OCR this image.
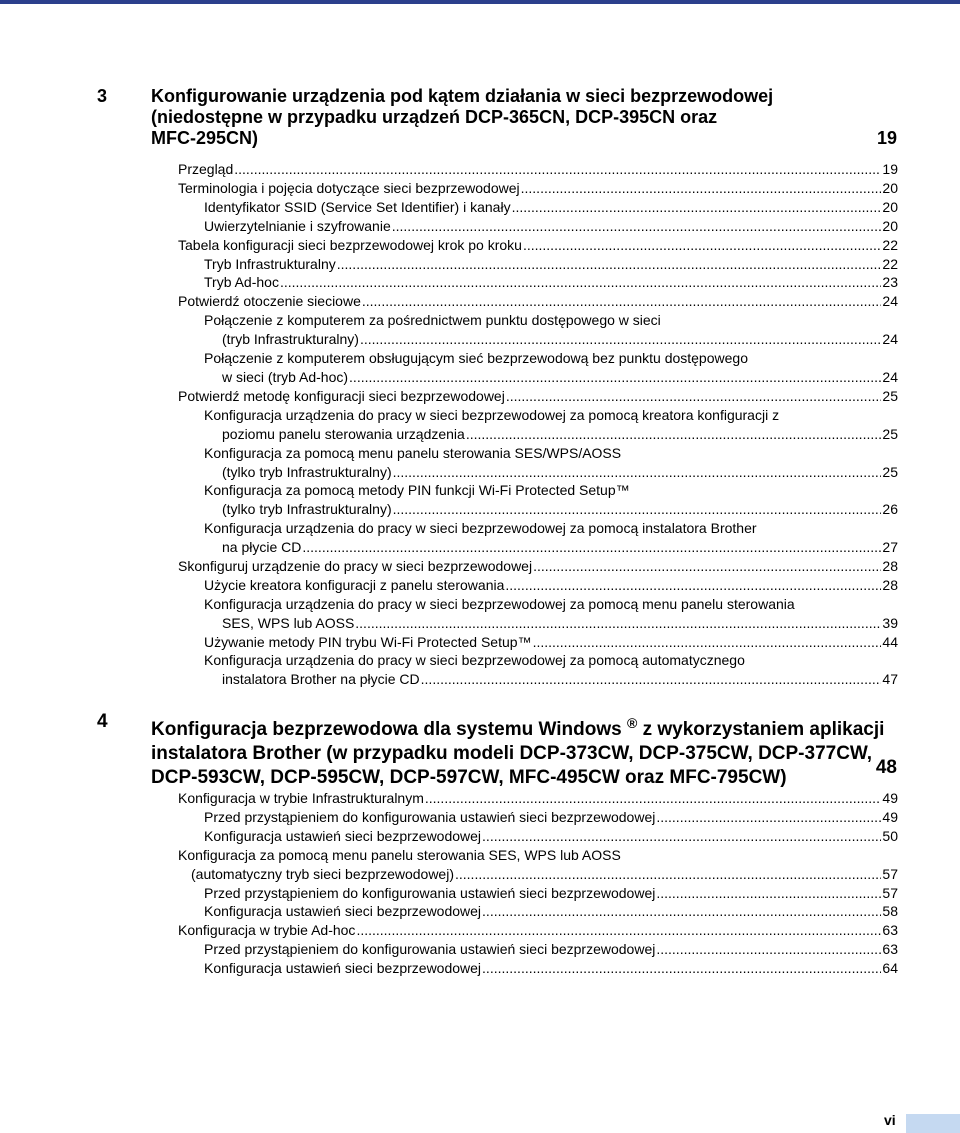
3 Konfigurowanie urządzenia pod kątem działania w sieci bezprzewodowej
(niedostępne w przypadku urządzeń DCP-365CN, DCP-395CN oraz
MFC-295CN)	19
Przegląd	19
.....
Terminologia i pojęcia dotyczące sieci bezprzewodowej	20
.....
Identyfikator SSID (Service Set Identifier) i kanały	20
.....
Uwierzytelnianie i szyfrowanie	20
.....
Tabela konfiguracji sieci bezprzewodowej krok po kroku	22
.....
Tryb Infrastrukturalny	22
.....
Tryb Ad-hoc	23
.....
Potwierdź otoczenie sieciowe	24
.....
Połączenie z komputerem za pośrednictwem punktu dostępowego w sieci
(tryb Infrastrukturalny)	24
.....
Połączenie z komputerem obsługującym sieć bezprzewodową bez punktu dostępowego
w sieci (tryb Ad-hoc)	24
.....
Potwierdź metodę konfiguracji sieci bezprzewodowej	25
.....
Konfiguracja urządzenia do pracy w sieci bezprzewodowej za pomocą kreatora konfiguracji z
poziomu panelu sterowania urządzenia	25
.....
Konfiguracja za pomocą menu panelu sterowania SES/WPS/AOSS
(tylko tryb Infrastrukturalny)	25
.....
Konfiguracja za pomocą metody PIN funkcji Wi-Fi Protected Setup™
(tylko tryb Infrastrukturalny)	26
.....
Konfiguracja urządzenia do pracy w sieci bezprzewodowej za pomocą instalatora Brother
na płycie CD	27
.....
Skonfiguruj urządzenie do pracy w sieci bezprzewodowej	28
.....
Użycie kreatora konfiguracji z panelu sterowania	28
.....
Konfiguracja urządzenia do pracy w sieci bezprzewodowej za pomocą menu panelu sterowania
SES, WPS lub AOSS	39
.....
Używanie metody PIN trybu Wi-Fi Protected Setup™	44
.....
Konfiguracja urządzenia do pracy w sieci bezprzewodowej za pomocą automatycznego
instalatora Brother na płycie CD	47
.....
4 Konfiguracja bezprzewodowa dla systemu Windows ® z wykorzystaniem aplikacji
instalatora Brother (w przypadku modeli DCP-373CW, DCP-375CW, DCP-377CW,
DCP-593CW, DCP-595CW, DCP-597CW, MFC-495CW oraz MFC-795CW)	48
Konfiguracja w trybie Infrastrukturalnym	49
.....
Przed przystąpieniem do konfigurowania ustawień sieci bezprzewodowej	49
.....
Konfiguracja ustawień sieci bezprzewodowej	50
.....
Konfiguracja za pomocą menu panelu sterowania SES, WPS lub AOSS
(automatyczny tryb sieci bezprzewodowej)	57
.....
Przed przystąpieniem do konfigurowania ustawień sieci bezprzewodowej	57
.....
Konfiguracja ustawień sieci bezprzewodowej	58
.....
Konfiguracja w trybie Ad-hoc	63
.....
Przed przystąpieniem do konfigurowania ustawień sieci bezprzewodowej	63
.....
Konfiguracja ustawień sieci bezprzewodowej	64
.....
vi
